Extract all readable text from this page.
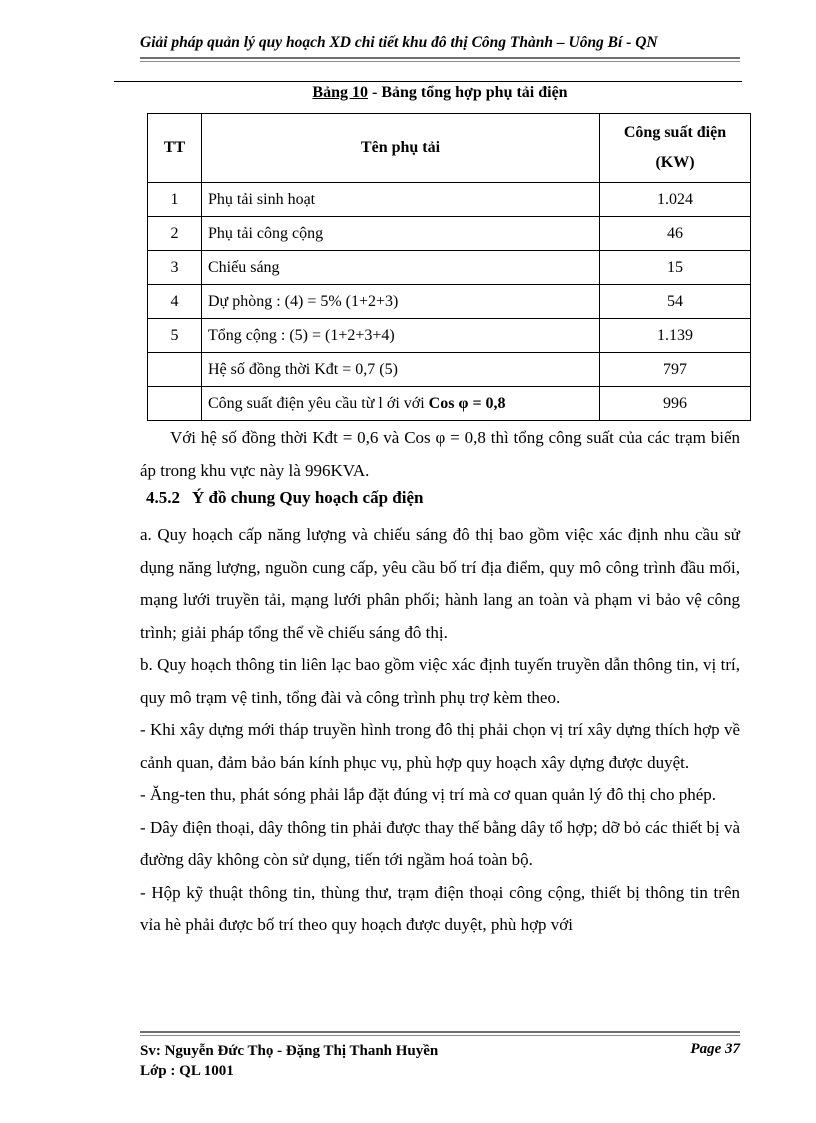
Giải pháp quản lý quy hoạch XD chi tiết khu đô thị Công Thành – Uông Bí - QN
Bảng 10 - Bảng tổng hợp phụ tải điện
TT	Tên phụ tải	Công suất điện
(KW)
1	Phụ tải sinh hoạt	1.024
2	Phụ tải công cộng	46
3	Chiếu sáng	15
4	Dự phòng : (4) = 5% (1+2+3)	54
5	Tổng cộng : (5) = (1+2+3+4)	1.139
	Hệ số đồng thời Kđt = 0,7 (5)	797
	Công suất điện yêu cầu từ l ới với Cos φ = 0,8	996

Với hệ số đồng thời Kđt = 0,6 và Cos φ = 0,8 thì tổng công suất của các trạm biến áp trong khu vực này là 996KVA.

4.5.2 Ý đồ chung Quy hoạch cấp điện

a. Quy hoạch cấp năng lượng và chiếu sáng đô thị bao gồm việc xác định nhu cầu sử dụng năng lượng, nguồn cung cấp, yêu cầu bố trí địa điểm, quy mô công trình đầu mối, mạng lưới truyền tải, mạng lưới phân phối; hành lang an toàn và phạm vi bảo vệ công trình; giải pháp tổng thể về chiếu sáng đô thị.

b. Quy hoạch thông tin liên lạc bao gồm việc xác định tuyến truyền dẫn thông tin, vị trí, quy mô trạm vệ tinh, tổng đài và công trình phụ trợ kèm theo.

- Khi xây dựng mới tháp truyền hình trong đô thị phải chọn vị trí xây dựng thích hợp về cảnh quan, đảm bảo bán kính phục vụ, phù hợp quy hoạch xây dựng được duyệt.

- Ăng-ten thu, phát sóng phải lắp đặt đúng vị trí mà cơ quan quản lý đô thị cho phép.

- Dây điện thoại, dây thông tin phải được thay thế bằng dây tổ hợp; dỡ bỏ các thiết bị và đường dây không còn sử dụng, tiến tới ngầm hoá toàn bộ.

- Hộp kỹ thuật thông tin, thùng thư, trạm điện thoại công cộng, thiết bị thông tin trên vỉa hè phải được bố trí theo quy hoạch được duyệt, phù hợp với

Sv: Nguyễn Đức Thọ - Đặng Thị Thanh Huyền
Lớp : QL 1001
Page 37
